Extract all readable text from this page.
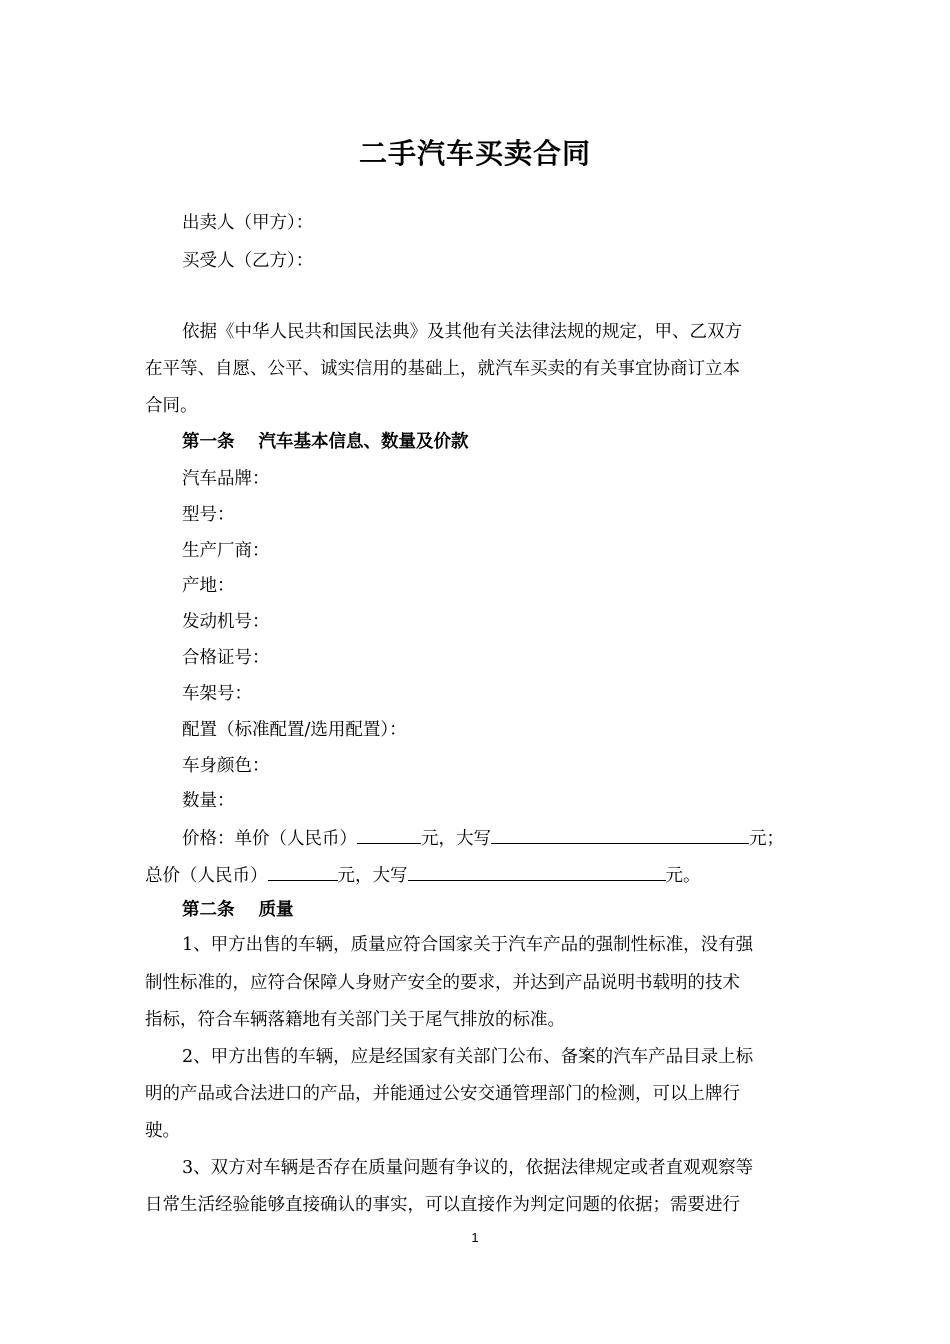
二手汽车买卖合同
出卖人（甲方）：
买受人（乙方）：
依据《中华人民共和国民法典》及其他有关法律法规的规定，甲、乙双方
在平等、自愿、公平、诚实信用的基础上，就汽车买卖的有关事宜协商订立本
合同。
第一条 汽车基本信息、数量及价款
汽车品牌：
型号：
生产厂商：
产地：
发动机号：
合格证号：
车架号：
配置（标准配置/选用配置）：
车身颜色：
数量：
价格：单价（人民币）	元，大写	元；
总价（人民币）	元，大写	元。
第二条 质量
1、甲方出售的车辆，质量应符合国家关于汽车产品的强制性标准，没有强
制性标准的，应符合保障人身财产安全的要求，并达到产品说明书载明的技术
指标，符合车辆落籍地有关部门关于尾气排放的标准。
2、甲方出售的车辆，应是经国家有关部门公布、备案的汽车产品目录上标
明的产品或合法进口的产品，并能通过公安交通管理部门的检测，可以上牌行
驶。
3、双方对车辆是否存在质量问题有争议的，依据法律规定或者直观观察等
日常生活经验能够直接确认的事实，可以直接作为判定问题的依据；需要进行
1
